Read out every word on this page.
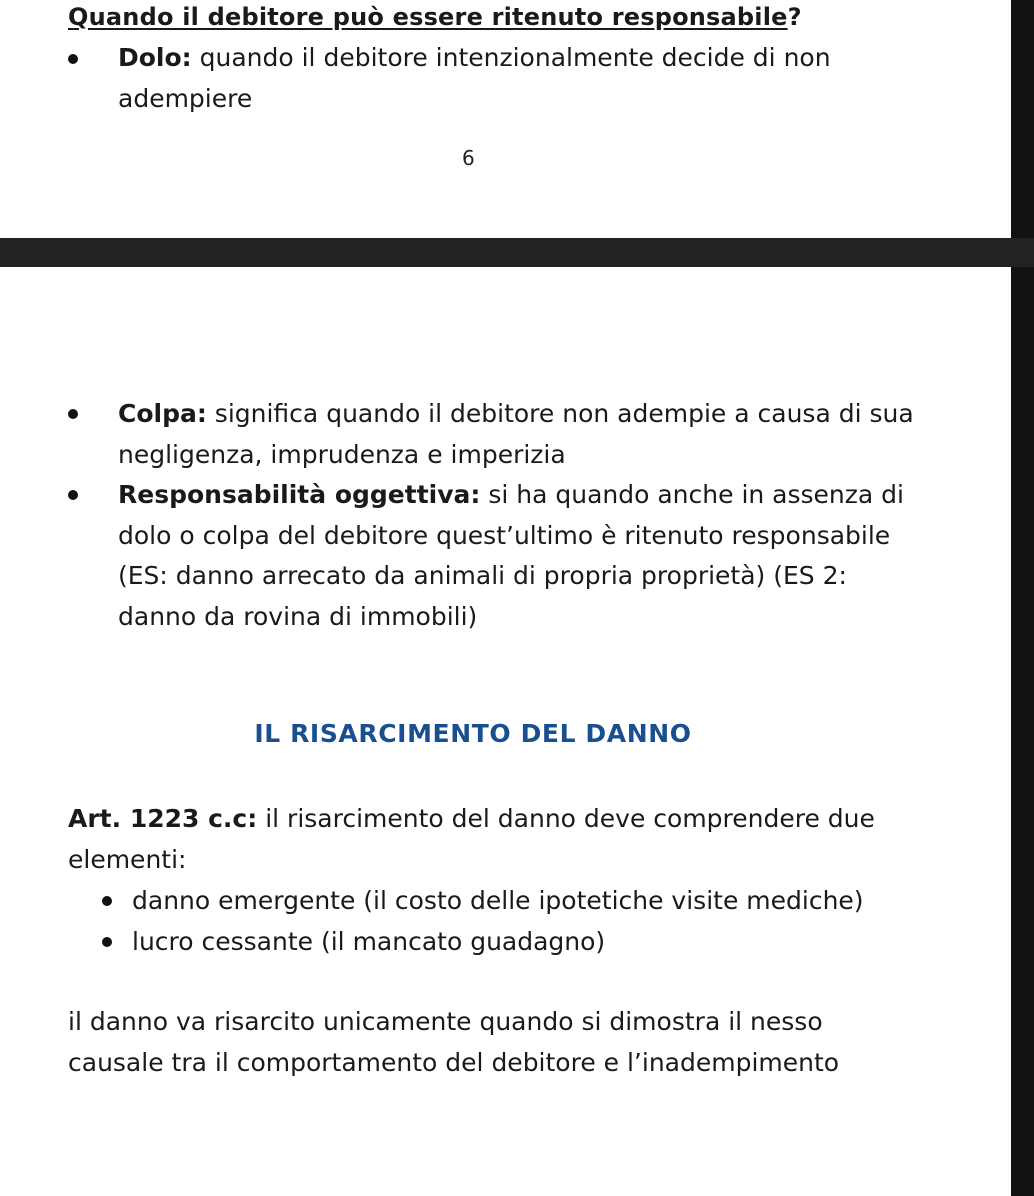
Quando il debitore può essere ritenuto responsabile?
Dolo: quando il debitore intenzionalmente decide di non adempiere
6
Colpa: significa quando il debitore non adempie a causa di sua negligenza, imprudenza e imperizia
Responsabilità oggettiva: si ha quando anche in assenza di dolo o colpa del debitore quest’ultimo è ritenuto responsabile (ES: danno arrecato da animali di propria proprietà) (ES 2: danno da rovina di immobili)
IL RISARCIMENTO DEL DANNO

Art. 1223 c.c: il risarcimento del danno deve comprendere due elementi:

danno emergente (il costo delle ipotetiche visite mediche)
lucro cessante (il mancato guadagno)

il danno va risarcito unicamente quando si dimostra il nesso causale tra il comportamento del debitore e l’inadempimento
